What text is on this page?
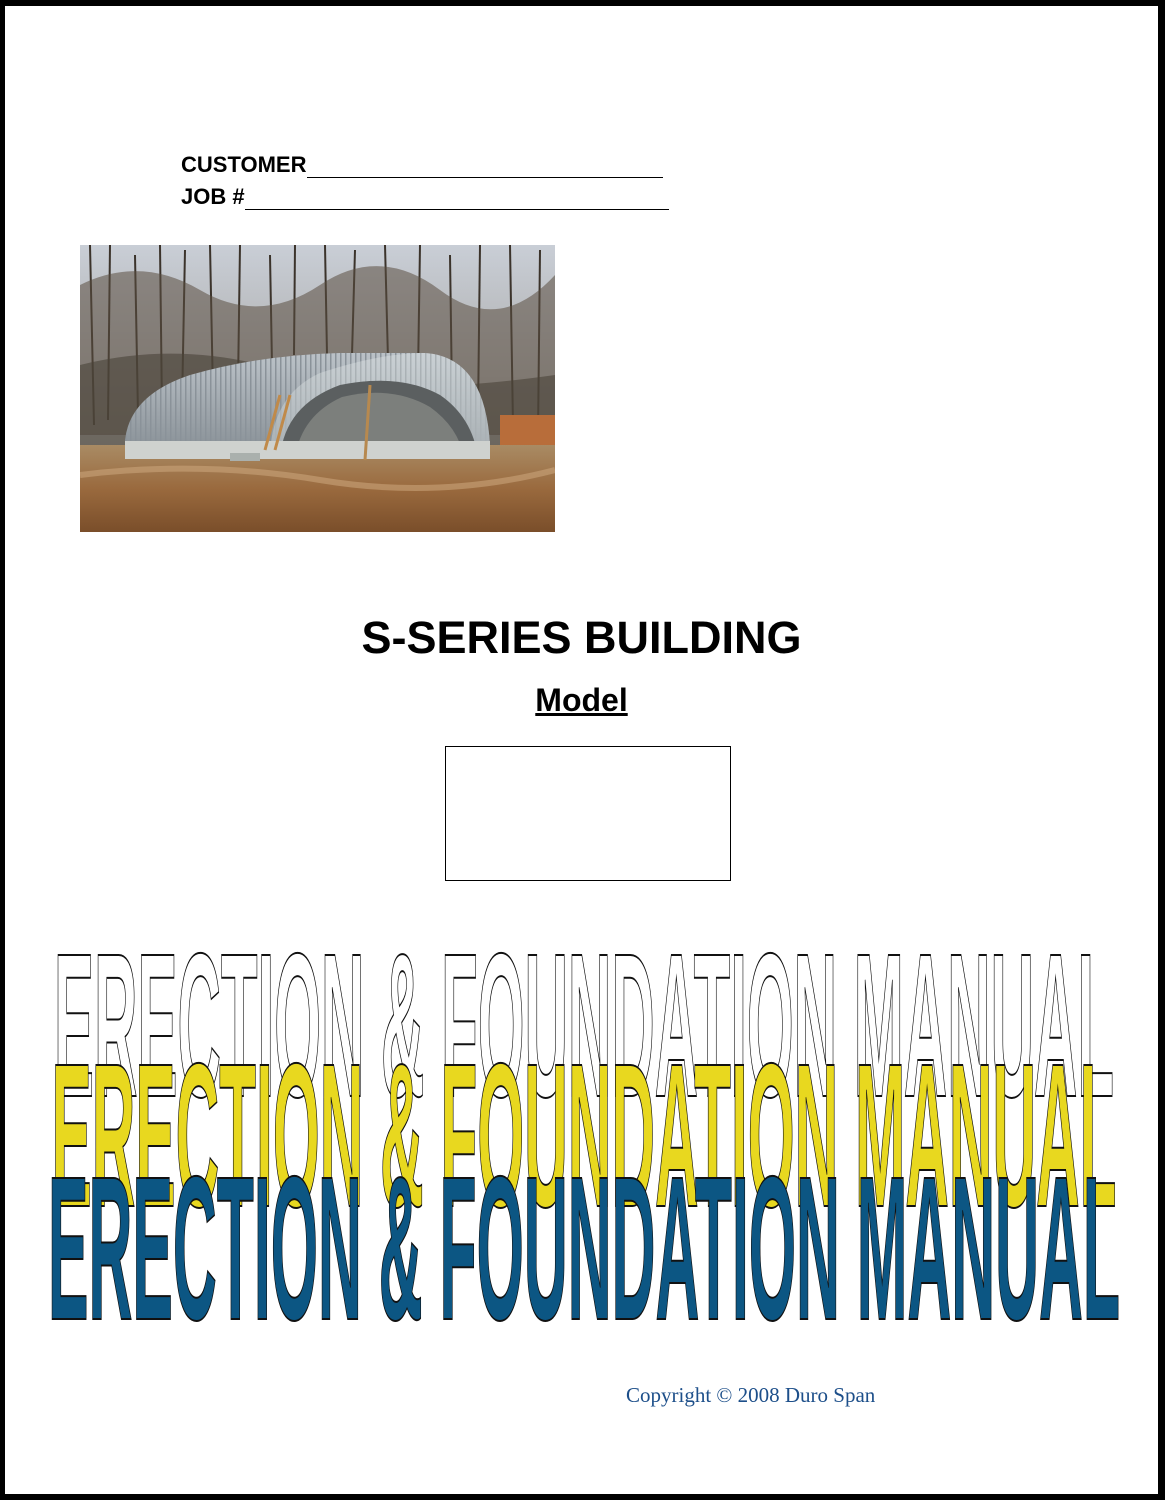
CUSTOMER
JOB #
S-SERIES BUILDING
Model
ERECTION & FOUNDATION MANUAL
ERECTION & FOUNDATION MANUAL
ERECTION & FOUNDATION MANUAL
Copyright © 2008 Duro Span
